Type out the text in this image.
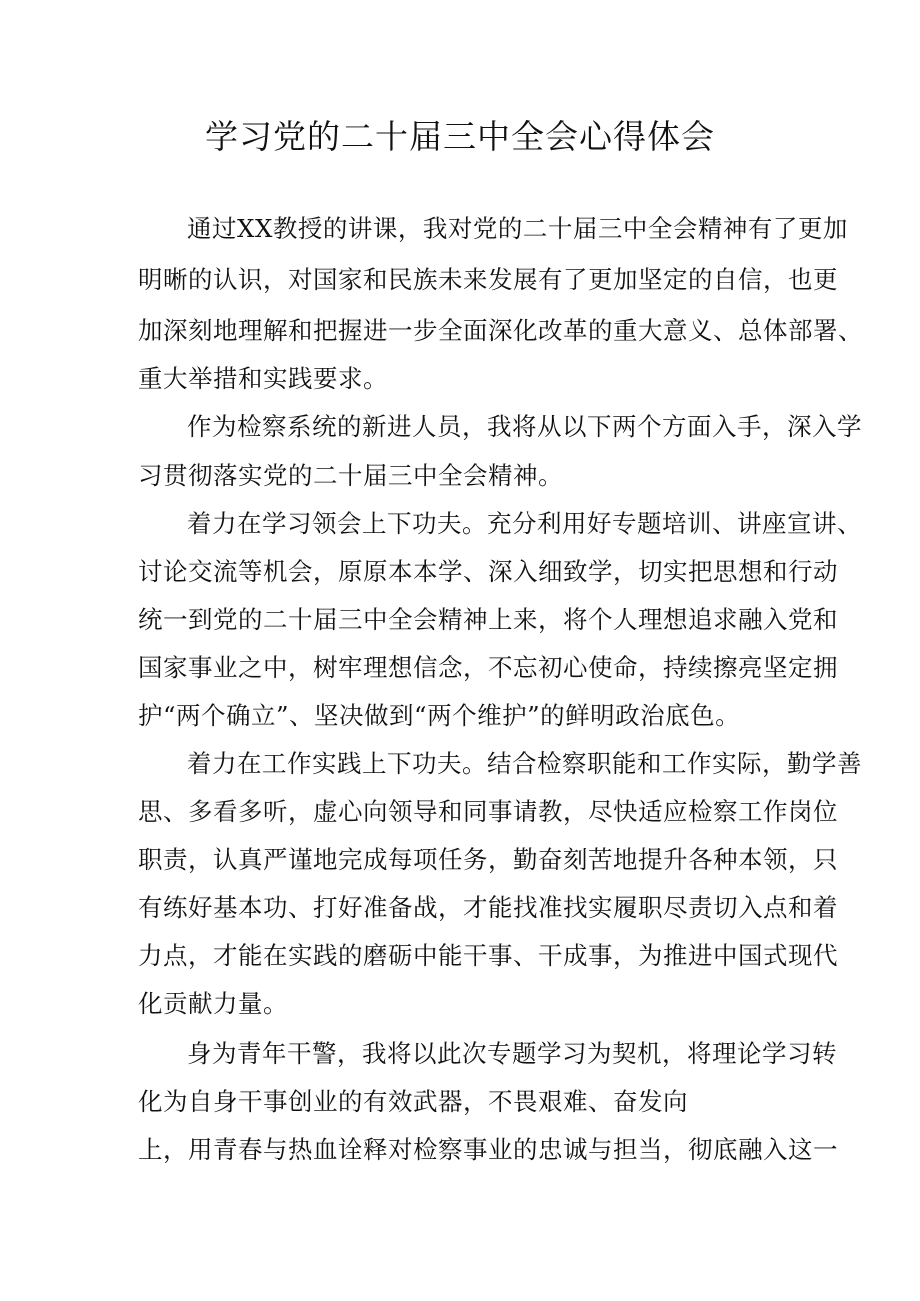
学习党的二十届三中全会心得体会
通过XX教授的讲课，我对党的二十届三中全会精神有了更加
明晰的认识，对国家和民族未来发展有了更加坚定的自信，也更
加深刻地理解和把握进一步全面深化改革的重大意义、总体部署、
重大举措和实践要求。
作为检察系统的新进人员，我将从以下两个方面入手，深入学
习贯彻落实党的二十届三中全会精神。
着力在学习领会上下功夫。充分利用好专题培训、讲座宣讲、
讨论交流等机会，原原本本学、深入细致学，切实把思想和行动
统一到党的二十届三中全会精神上来，将个人理想追求融入党和
国家事业之中，树牢理想信念，不忘初心使命，持续擦亮坚定拥
护“两个确立”、坚决做到“两个维护”的鲜明政治底色。
着力在工作实践上下功夫。结合检察职能和工作实际，勤学善
思、多看多听，虚心向领导和同事请教，尽快适应检察工作岗位
职责，认真严谨地完成每项任务，勤奋刻苦地提升各种本领，只
有练好基本功、打好准备战，才能找准找实履职尽责切入点和着
力点，才能在实践的磨砺中能干事、干成事，为推进中国式现代
化贡献力量。
身为青年干警，我将以此次专题学习为契机，将理论学习转
化为自身干事创业的有效武器，不畏艰难、奋发向
上，用青春与热血诠释对检察事业的忠诚与担当，彻底融入这一
